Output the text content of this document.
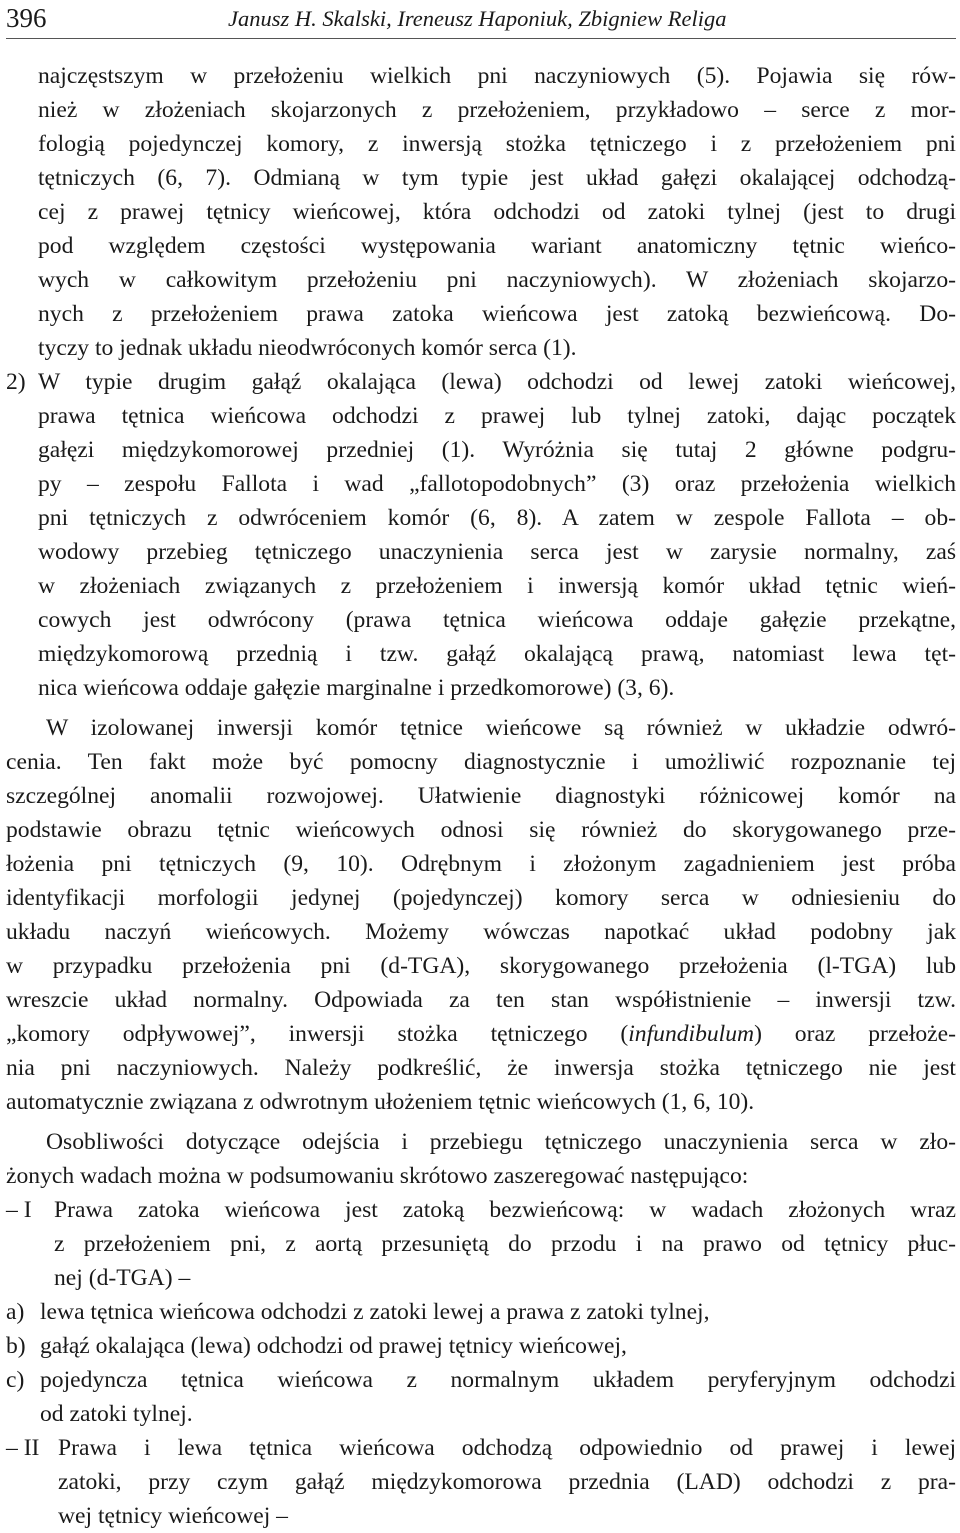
396	Janusz H. Skalski, Ireneusz Haponiuk, Zbigniew Religa
najczęstszym w przełożeniu wielkich pni naczyniowych (5). Pojawia się rów-
nież w złożeniach skojarzonych z przełożeniem, przykładowo – serce z mor-
fologią pojedynczej komory, z inwersją stożka tętniczego i z przełożeniem pni
tętniczych (6, 7). Odmianą w tym typie jest układ gałęzi okalającej odchodzą-
cej z prawej tętnicy wieńcowej, która odchodzi od zatoki tylnej (jest to drugi
pod względem częstości występowania wariant anatomiczny tętnic wieńco-
wych w całkowitym przełożeniu pni naczyniowych). W złożeniach skojarzo-
nych z przełożeniem prawa zatoka wieńcowa jest zatoką bezwieńcową. Do-
tyczy to jednak układu nieodwróconych komór serca (1).
2) W typie drugim gałąź okalająca (lewa) odchodzi od lewej zatoki wieńcowej,
prawa tętnica wieńcowa odchodzi z prawej lub tylnej zatoki, dając początek
gałęzi międzykomorowej przedniej (1). Wyróżnia się tutaj 2 główne podgru-
py – zespołu Fallota i wad „fallotopodobnych” (3) oraz przełożenia wielkich
pni tętniczych z odwróceniem komór (6, 8). A zatem w zespole Fallota – ob-
wodowy przebieg tętniczego unaczynienia serca jest w zarysie normalny, zaś
w złożeniach związanych z przełożeniem i inwersją komór układ tętnic wień-
cowych jest odwrócony (prawa tętnica wieńcowa oddaje gałęzie przekątne,
międzykomorową przednią i tzw. gałąź okalającą prawą, natomiast lewa tęt-
nica wieńcowa oddaje gałęzie marginalne i przedkomorowe) (3, 6).
W izolowanej inwersji komór tętnice wieńcowe są również w układzie odwró-
cenia. Ten fakt może być pomocny diagnostycznie i umożliwić rozpoznanie tej
szczególnej anomalii rozwojowej. Ułatwienie diagnostyki różnicowej komór na
podstawie obrazu tętnic wieńcowych odnosi się również do skorygowanego prze-
łożenia pni tętniczych (9, 10). Odrębnym i złożonym zagadnieniem jest próba
identyfikacji morfologii jedynej (pojedynczej) komory serca w odniesieniu do
układu naczyń wieńcowych. Możemy wówczas napotkać układ podobny jak
w przypadku przełożenia pni (d-TGA), skorygowanego przełożenia (l-TGA) lub
wreszcie układ normalny. Odpowiada za ten stan współistnienie – inwersji tzw.
„komory odpływowej”, inwersji stożka tętniczego (infundibulum) oraz przełoże-
nia pni naczyniowych. Należy podkreślić, że inwersja stożka tętniczego nie jest
automatycznie związana z odwrotnym ułożeniem tętnic wieńcowych (1, 6, 10).
Osobliwości dotyczące odejścia i przebiegu tętniczego unaczynienia serca w zło-
żonych wadach można w podsumowaniu skrótowo zaszeregować następująco:
– I Prawa zatoka wieńcowa jest zatoką bezwieńcową: w wadach złożonych wraz
z przełożeniem pni, z aortą przesuniętą do przodu i na prawo od tętnicy płuc-
nej (d-TGA) –
a) lewa tętnica wieńcowa odchodzi z zatoki lewej a prawa z zatoki tylnej,
b) gałąź okalająca (lewa) odchodzi od prawej tętnicy wieńcowej,
c) pojedyncza tętnica wieńcowa z normalnym układem peryferyjnym odchodzi
od zatoki tylnej.
– II Prawa i lewa tętnica wieńcowa odchodzą odpowiednio od prawej i lewej
zatoki, przy czym gałąź międzykomorowa przednia (LAD) odchodzi z pra-
wej tętnicy wieńcowej –
